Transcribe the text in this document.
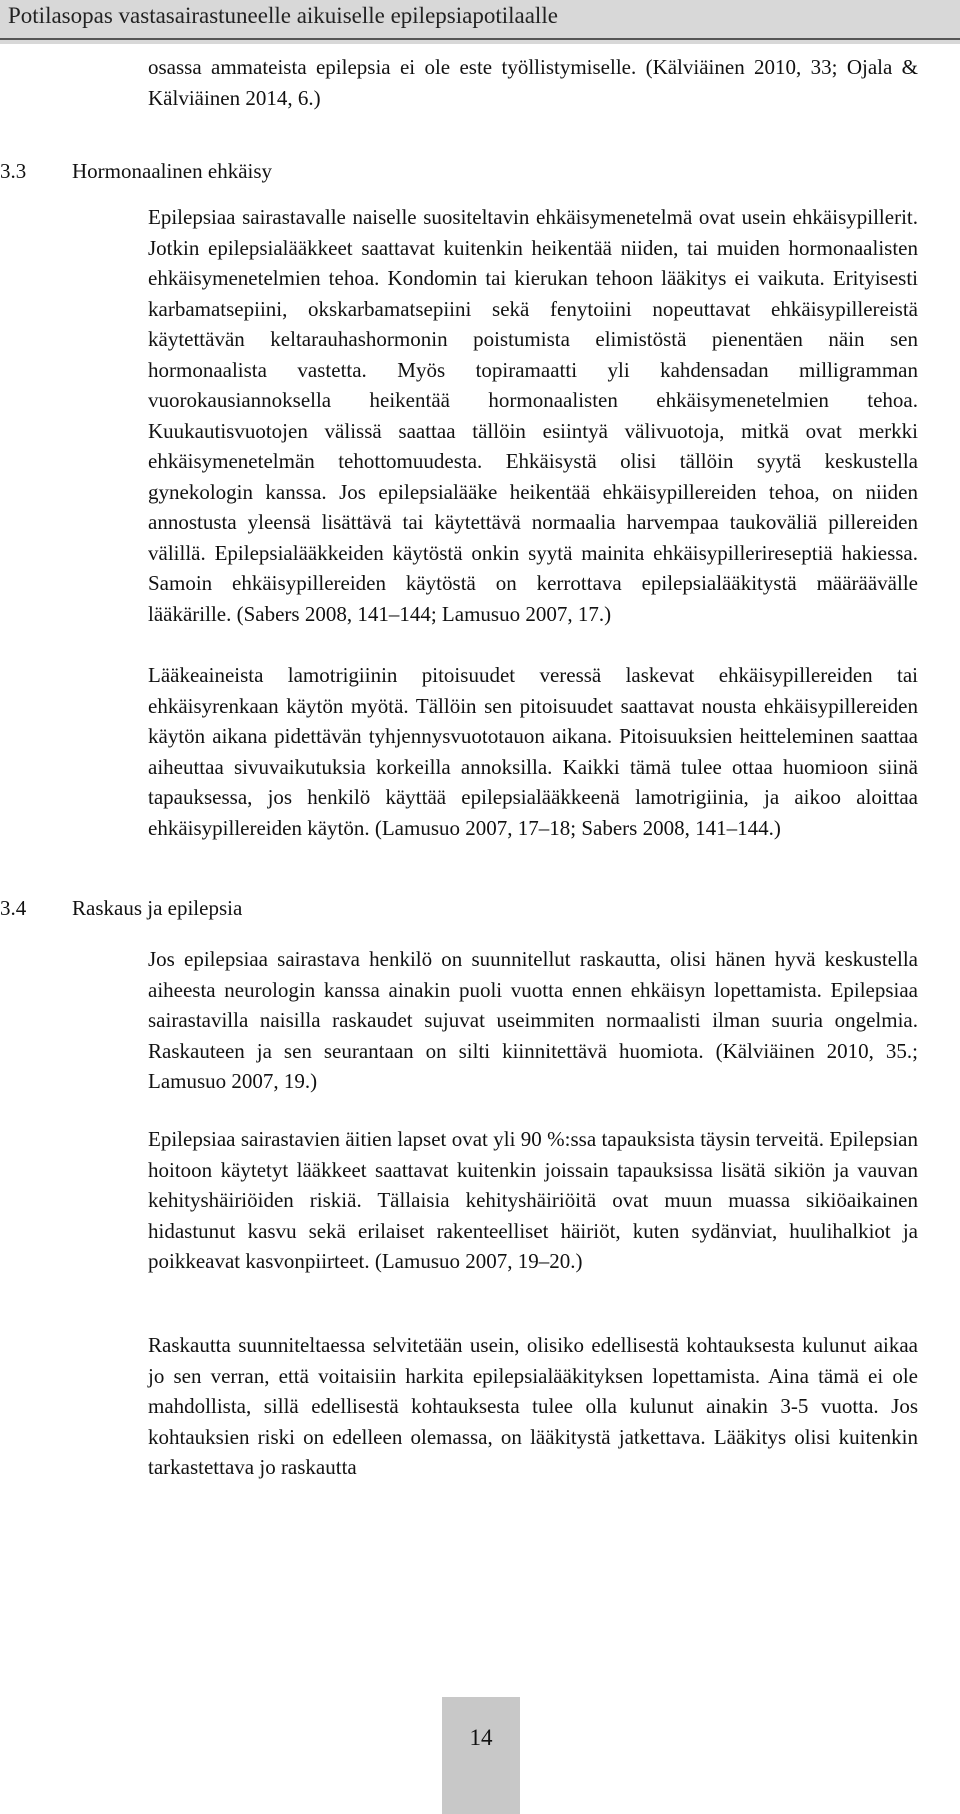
Potilasopas vastasairastuneelle aikuiselle epilepsiapotilaalle

osassa ammateista epilepsia ei ole este työllistymiselle. (Kälviäinen 2010, 33; Ojala & Kälviäinen 2014, 6.)

3.3 Hormonaalinen ehkäisy

Epilepsiaa sairastavalle naiselle suositeltavin ehkäisymenetelmä ovat usein ehkäisypillerit. Jotkin epilepsialääkkeet saattavat kuitenkin heikentää niiden, tai muiden hormonaalisten ehkäisymenetelmien tehoa. Kondomin tai kierukan tehoon lääkitys ei vaikuta. Erityisesti karbamatsepiini, okskarbamatsepiini sekä fenytoiini nopeuttavat ehkäisypillereistä käytettävän keltarauhashormonin poistumista elimistöstä pienentäen näin sen hormonaalista vastetta. Myös topiramaatti yli kahdensadan milligramman vuorokausiannoksella heikentää hormonaalisten ehkäisymenetelmien tehoa. Kuukautisvuotojen välissä saattaa tällöin esiintyä välivuotoja, mitkä ovat merkki ehkäisymenetelmän tehottomuudesta. Ehkäisystä olisi tällöin syytä keskustella gynekologin kanssa. Jos epilepsialääke heikentää ehkäisypillereiden tehoa, on niiden annostusta yleensä lisättävä tai käytettävä normaalia harvempaa taukoväliä pillereiden välillä. Epilepsialääkkeiden käytöstä onkin syytä mainita ehkäisypillerireseptiä hakiessa. Samoin ehkäisypillereiden käytöstä on kerrottava epilepsialääkitystä määräävälle lääkärille. (Sabers 2008, 141–144; Lamusuo 2007, 17.)

Lääkeaineista lamotrigiinin pitoisuudet veressä laskevat ehkäisypillereiden tai ehkäisyrenkaan käytön myötä. Tällöin sen pitoisuudet saattavat nousta ehkäisypillereiden käytön aikana pidettävän tyhjennysvuototauon aikana. Pitoisuuksien heitteleminen saattaa aiheuttaa sivuvaikutuksia korkeilla annoksilla. Kaikki tämä tulee ottaa huomioon siinä tapauksessa, jos henkilö käyttää epilepsialääkkeenä lamotrigiinia, ja aikoo aloittaa ehkäisypillereiden käytön. (Lamusuo 2007, 17–18; Sabers 2008, 141–144.)

3.4 Raskaus ja epilepsia

Jos epilepsiaa sairastava henkilö on suunnitellut raskautta, olisi hänen hyvä keskustella aiheesta neurologin kanssa ainakin puoli vuotta ennen ehkäisyn lopettamista. Epilepsiaa sairastavilla naisilla raskaudet sujuvat useimmiten normaalisti ilman suuria ongelmia. Raskauteen ja sen seurantaan on silti kiinnitettävä huomiota. (Kälviäinen 2010, 35.; Lamusuo 2007, 19.)

Epilepsiaa sairastavien äitien lapset ovat yli 90 %:ssa tapauksista täysin terveitä. Epilepsian hoitoon käytetyt lääkkeet saattavat kuitenkin joissain tapauksissa lisätä sikiön ja vauvan kehityshäiriöiden riskiä. Tällaisia kehityshäiriöitä ovat muun muassa sikiöaikainen hidastunut kasvu sekä erilaiset rakenteelliset häiriöt, kuten sydänviat, huulihalkiot ja poikkeavat kasvonpiirteet. (Lamusuo 2007, 19–20.)

Raskautta suunniteltaessa selvitetään usein, olisiko edellisestä kohtauksesta kulunut aikaa jo sen verran, että voitaisiin harkita epilepsialääkityksen lopettamista. Aina tämä ei ole mahdollista, sillä edellisestä kohtauksesta tulee olla kulunut ainakin 3-5 vuotta. Jos kohtauksien riski on edelleen olemassa, on lääkitystä jatkettava. Lääkitys olisi kuitenkin tarkastettava jo raskautta

14
